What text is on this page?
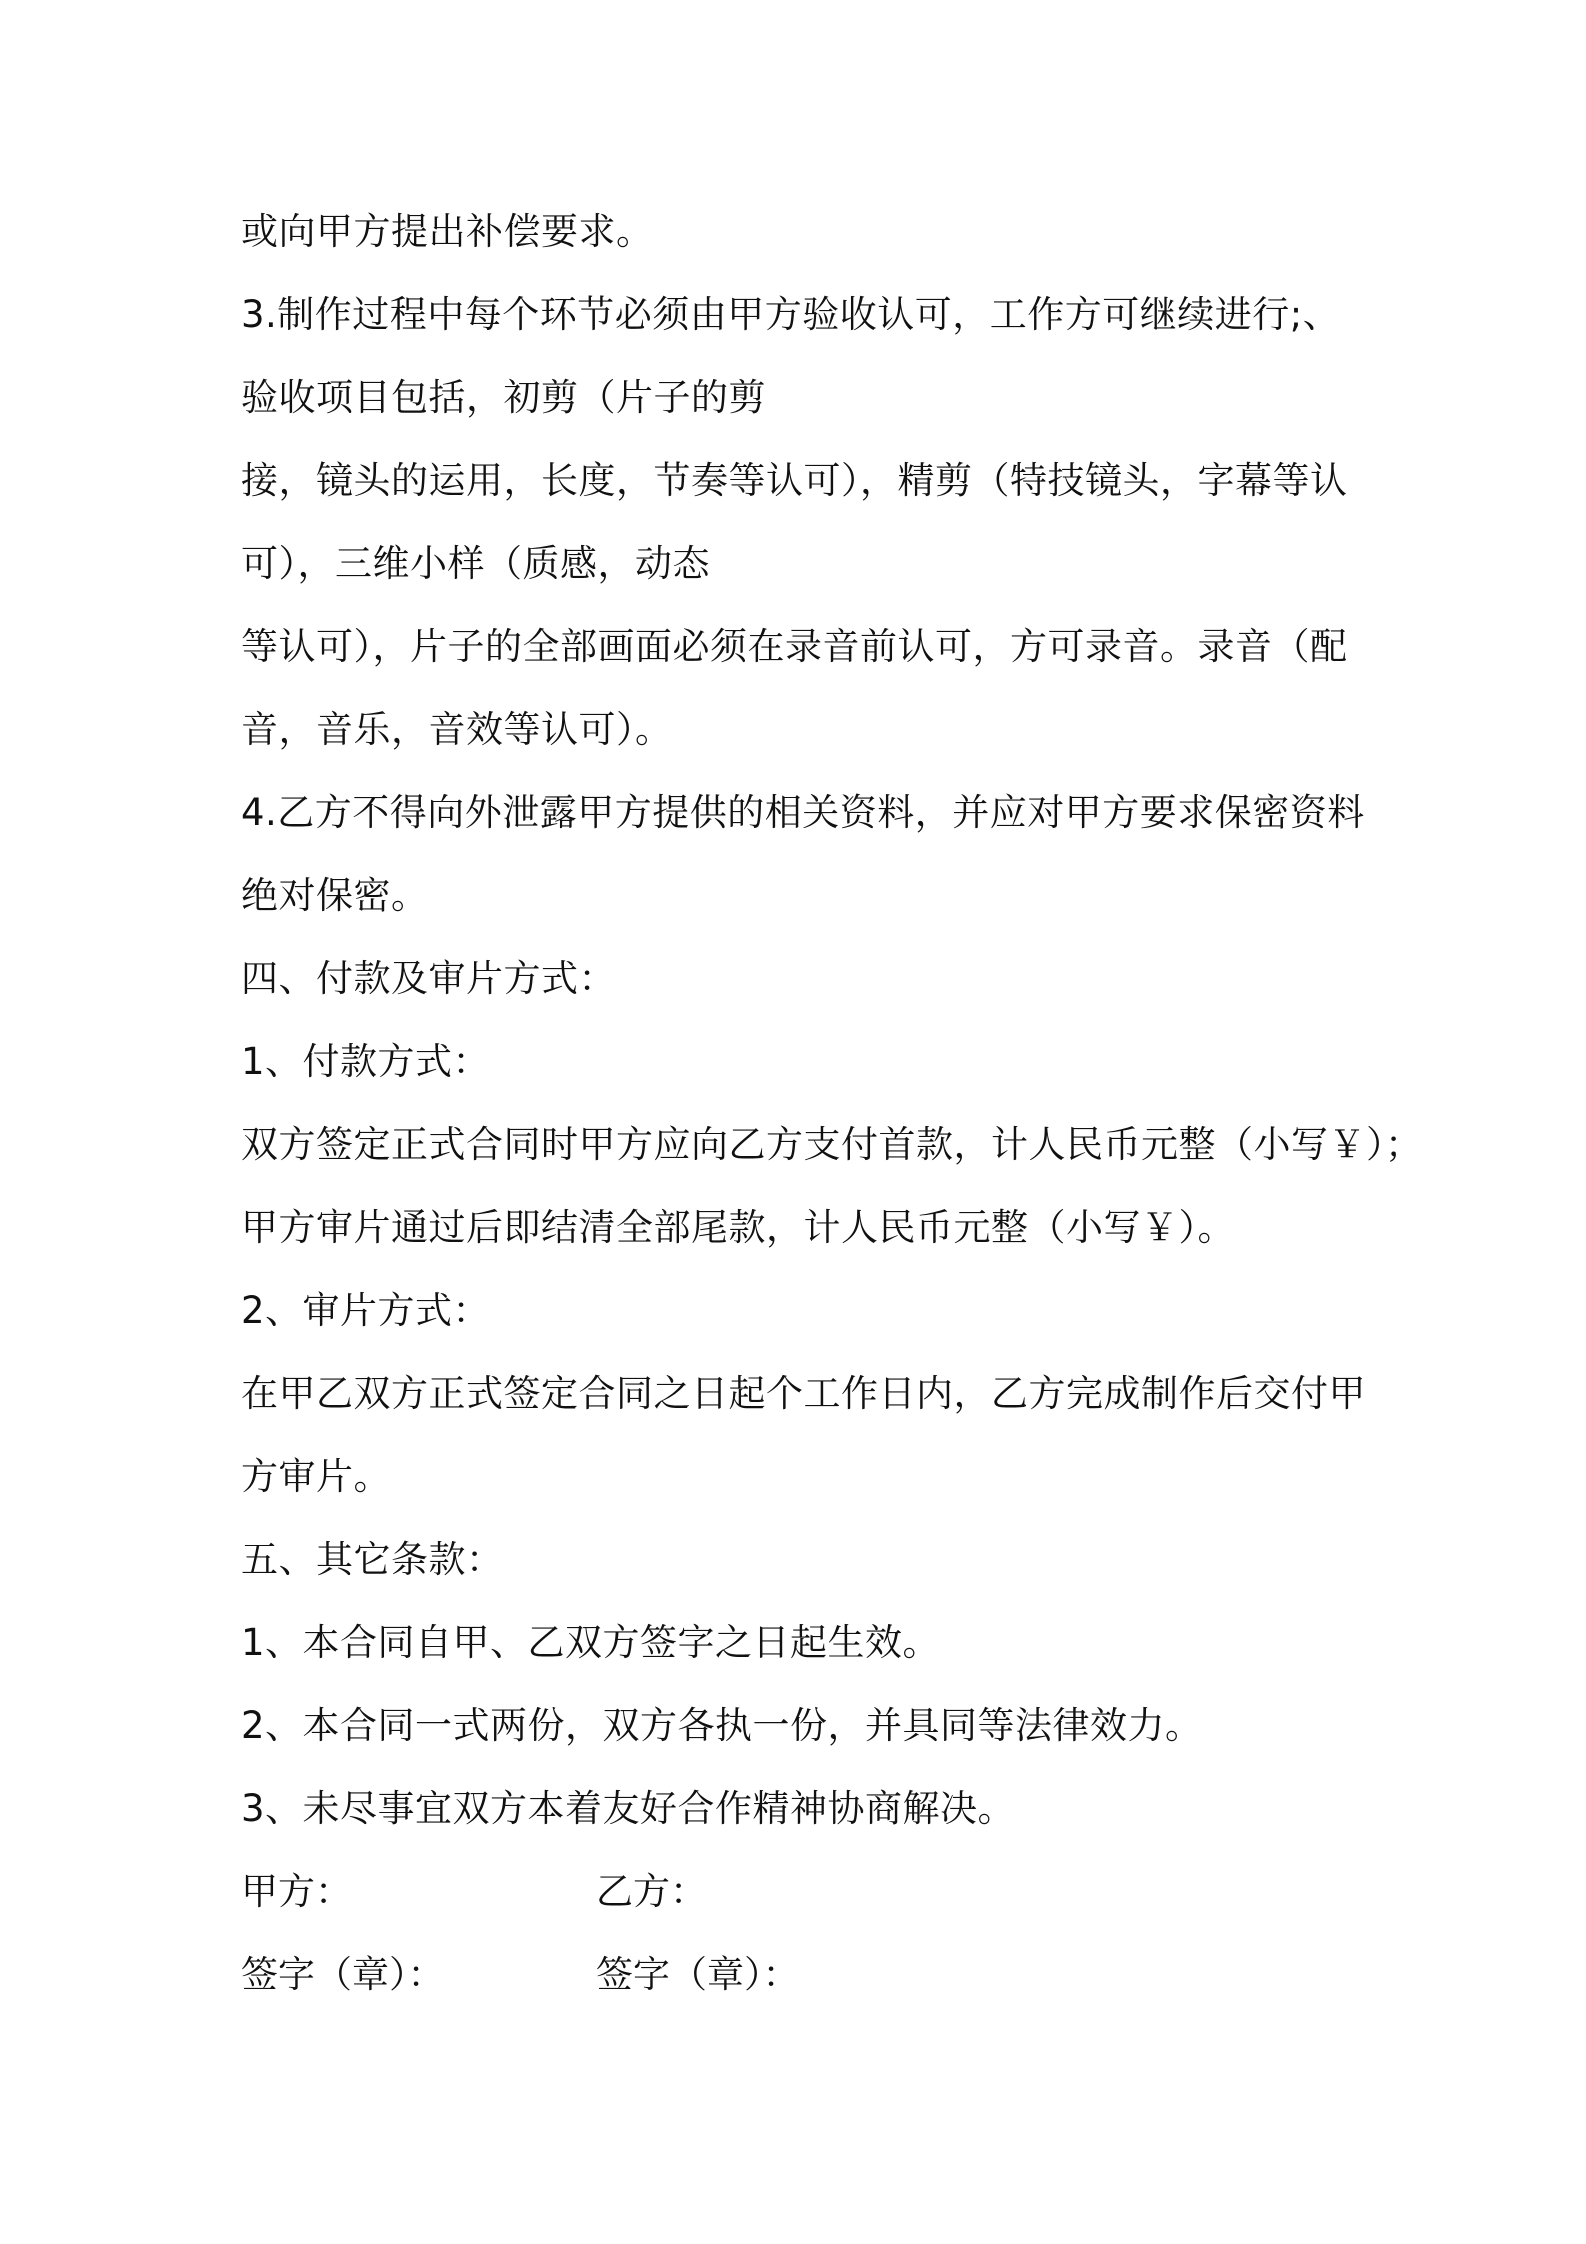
或向甲方提出补偿要求。
3.制作过程中每个环节必须由甲方验收认可，工作方可继续进行;、
验收项目包括，初剪（片子的剪
接，镜头的运用，长度，节奏等认可），精剪（特技镜头，字幕等认
可），三维小样（质感，动态
等认可），片子的全部画面必须在录音前认可，方可录音。录音（配
音，音乐，音效等认可）。
4.乙方不得向外泄露甲方提供的相关资料，并应对甲方要求保密资料
绝对保密。
四、付款及审片方式：
1、付款方式：
双方签定正式合同时甲方应向乙方支付首款，计人民币元整（小写￥）；
甲方审片通过后即结清全部尾款，计人民币元整（小写￥）。
2、审片方式：
在甲乙双方正式签定合同之日起个工作日内，乙方完成制作后交付甲
方审片。
五、其它条款：
1、本合同自甲、乙双方签字之日起生效。
2、本合同一式两份，双方各执一份，并具同等法律效力。
3、未尽事宜双方本着友好合作精神协商解决。
甲方：	乙方：
签字（章）：	签字（章）：
